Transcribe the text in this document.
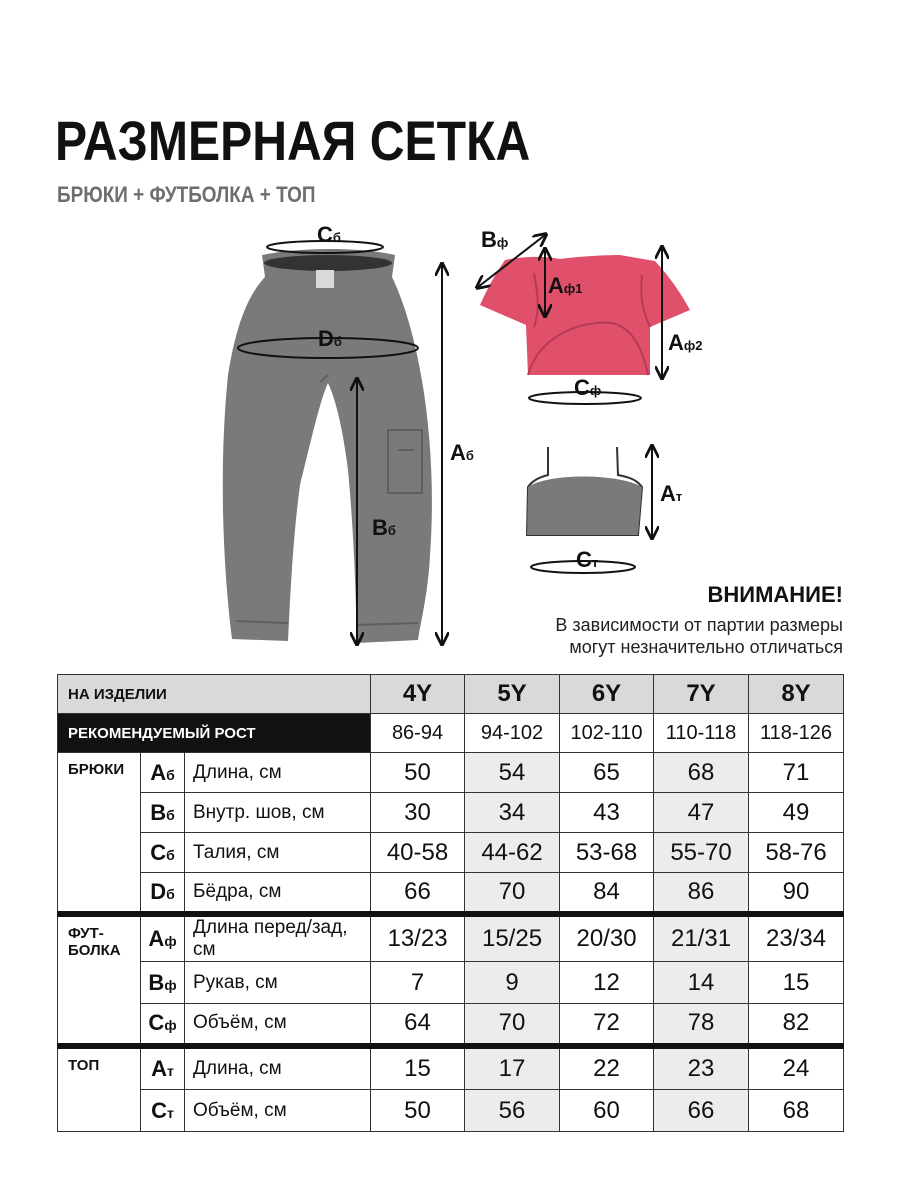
РАЗМЕРНАЯ СЕТКА
БРЮКИ + ФУТБОЛКА + ТОП
Cб
Dб
Aб
Bб
Bф
Aф1
Aф2
Cф
Aт
Cт
ВНИМАНИЕ!
В зависимости от партии размеры
могут незначительно отличаться
НА ИЗДЕЛИИ			4Y	5Y	6Y	7Y	8Y
РЕКОМЕНДУЕМЫЙ РОСТ			86-94	94-102	102-110	110-118	118-126
БРЮКИ	Aб	Длина, см	50	54	65	68	71
	Bб	Внутр. шов, см	30	34	43	47	49
	Cб	Талия, см	40-58	44-62	53-68	55-70	58-76
	Dб	Бёдра, см	66	70	84	86	90
ФУТ-
БОЛКА	Aф	Длина перед/зад, см	13/23	15/25	20/30	21/31	23/34
	Bф	Рукав, см	7	9	12	14	15
	Cф	Объём, см	64	70	72	78	82
ТОП	Aт	Длина, см	15	17	22	23	24
	Cт	Объём, см	50	56	60	66	68
